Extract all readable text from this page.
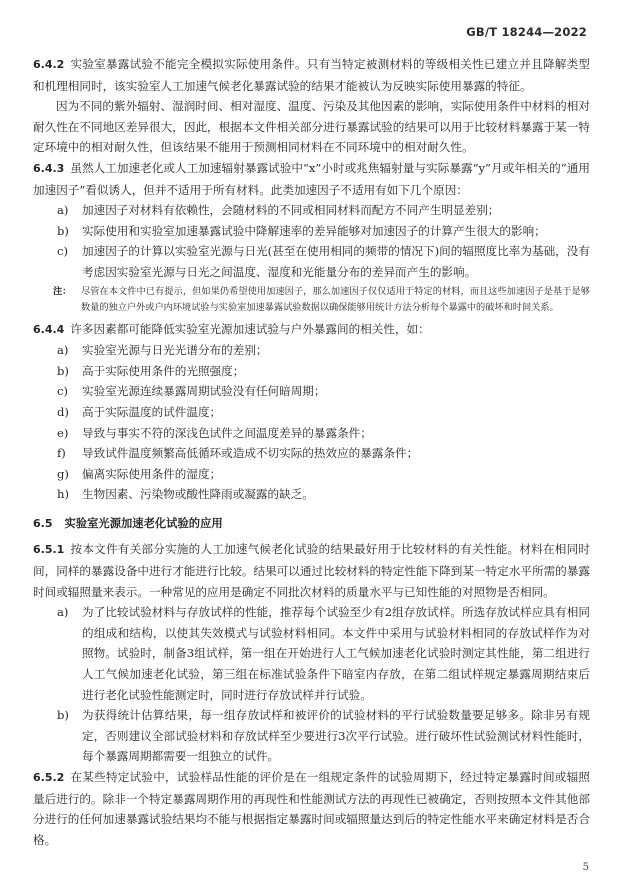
GB/T 18244—2022

6.4.2 实验室暴露试验不能完全模拟实际使用条件。只有当特定被测材料的等级相关性已建立并且降解类型和机理相同时，该实验室人工加速气候老化暴露试验的结果才能被认为反映实际使用暴露的特征。

因为不同的紫外辐射、湿润时间、相对湿度、温度、污染及其他因素的影响，实际使用条件中材料的相对耐久性在不同地区差异很大，因此，根据本文件相关部分进行暴露试验的结果可以用于比较材料暴露于某一特定环境中的相对耐久性，但该结果不能用于预测相同材料在不同环境中的相对耐久性。

6.4.3 虽然人工加速老化或人工加速辐射暴露试验中“x”小时或兆焦辐射量与实际暴露“y”月或年相关的“通用加速因子”看似诱人，但并不适用于所有材料。此类加速因子不适用有如下几个原因：

a)	加速因子对材料有依赖性，会随材料的不同或相同材料而配方不同产生明显差别；
b)	实际使用和实验室加速暴露试验中降解速率的差异能够对加速因子的计算产生很大的影响；
c)	加速因子的计算以实验室光源与日光(甚至在使用相同的频带的情况下)间的辐照度比率为基础，没有考虑因实验室光源与日光之间温度、湿度和光能量分布的差异而产生的影响。
注：	尽管在本文件中已有提示，但如果仍希望使用加速因子，那么加速因子仅仅适用于特定的材料，而且这些加速因子是基于是够数量的独立户外或户内环境试验与实验室加速暴露试验数据以确保能够用统计方法分析每个暴露中的破坏和时间关系。

6.4.4 许多因素都可能降低实验室光源加速试验与户外暴露间的相关性，如：

a)	实验室光源与日光光谱分布的差别；
b)	高于实际使用条件的光照强度；
c)	实验室光源连续暴露周期试验没有任何暗周期；
d)	高于实际温度的试件温度；
e)	导致与事实不符的深浅色试件之间温度差异的暴露条件；
f)	导致试件温度频繁高低循环或造成不切实际的热效应的暴露条件；
g)	偏离实际使用条件的湿度；
h)	生物因素、污染物或酸性降雨或凝露的缺乏。
6.5 实验室光源加速老化试验的应用

6.5.1 按本文件有关部分实施的人工加速气候老化试验的结果最好用于比较材料的有关性能。材料在相同时间，同样的暴露设备中进行才能进行比较。结果可以通过比较材料的特定性能下降到某一特定水平所需的暴露时间或辐照量来表示。一种常见的应用是确定不同批次材料的质量水平与已知性能的对照物是否相同。

a)	为了比较试验材料与存放试样的性能，推荐每个试验至少有2组存放试样。所选存放试样应具有相同的组成和结构，以使其失效模式与试验材料相同。本文件中采用与试验材料相同的存放试样作为对照物。试验时，制备3组试样，第一组在开始进行人工气候加速老化试验时测定其性能，第二组进行人工气候加速老化试验，第三组在标准试验条件下暗室内存放，在第二组试样规定暴露周期结束后进行老化试验性能测定时，同时进行存放试样并行试验。
b)	为获得统计估算结果，每一组存放试样和被评价的试验材料的平行试验数量要足够多。除非另有规定，否则建议全部试验材料和存放试样至少要进行3次平行试验。进行破坏性试验测试材料性能时，每个暴露周期都需要一组独立的试件。

6.5.2 在某些特定试验中，试验样品性能的评价是在一组规定条件的试验周期下，经过特定暴露时间或辐照量后进行的。除非一个特定暴露周期作用的再现性和性能测试方法的再现性已被确定，否则按照本文件其他部分进行的任何加速暴露试验结果均不能与根据指定暴露时间或辐照量达到后的特定性能水平来确定材料是否合格。

5
